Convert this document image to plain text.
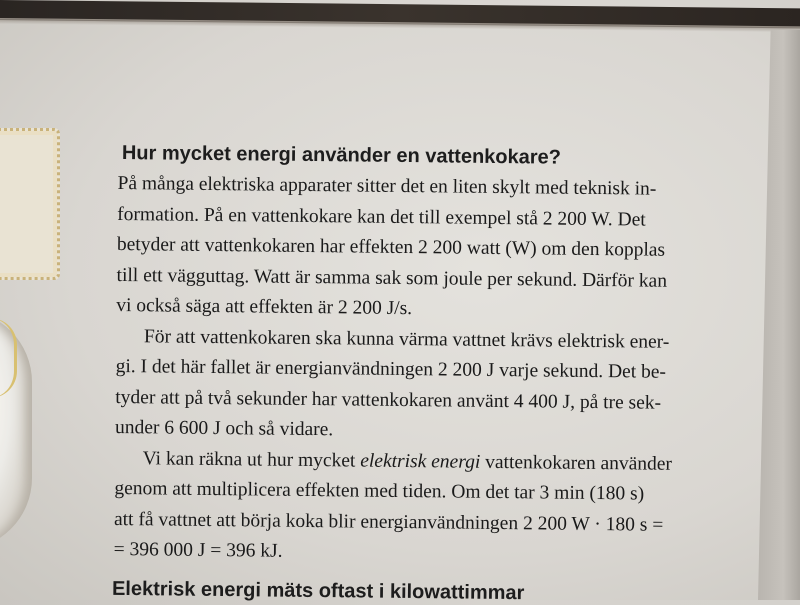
Hur mycket energi använder en vattenkokare?

På många elektriska apparater sitter det en liten skylt med teknisk in-
formation. På en vattenkokare kan det till exempel stå 2 200 W. Det
betyder att vattenkokaren har effekten 2 200 watt (W) om den kopplas
till ett vägguttag. Watt är samma sak som joule per sekund. Därför kan
vi också säga att effekten är 2 200 J/s.

För att vattenkokaren ska kunna värma vattnet krävs elektrisk ener-
gi. I det här fallet är energianvändningen 2 200 J varje sekund. Det be-
tyder att på två sekunder har vattenkokaren använt 4 400 J, på tre sek-
under 6 600 J och så vidare.

Vi kan räkna ut hur mycket elektrisk energi vattenkokaren använder
genom att multiplicera effekten med tiden. Om det tar 3 min (180 s)
att få vattnet att börja koka blir energianvändningen 2 200 W · 180 s =
= 396 000 J = 396 kJ.

Elektrisk energi mäts oftast i kilowattimmar
